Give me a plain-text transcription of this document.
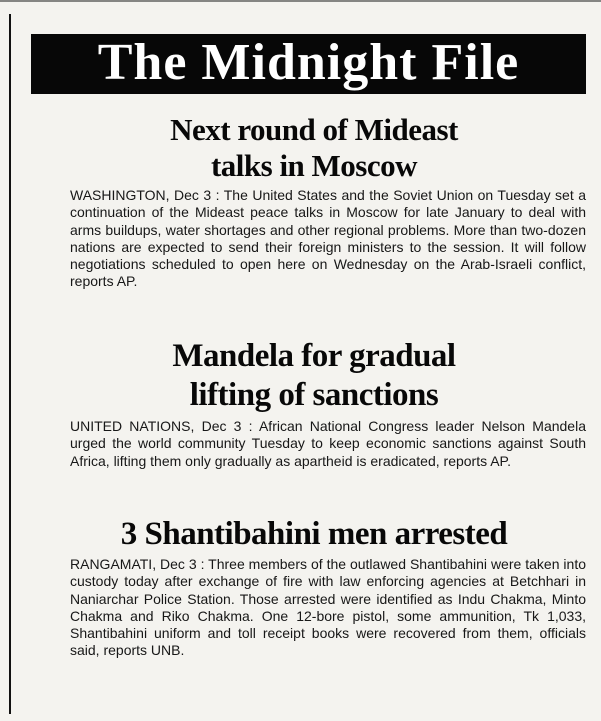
The Midnight File
Next round of Mideast
talks in Moscow

WASHINGTON, Dec 3 : The United States and the Soviet Union on Tuesday set a continuation of the Mideast peace talks in Moscow for late January to deal with arms buildups, water shortages and other regional problems. More than two-dozen nations are expected to send their foreign ministers to the session. It will follow negotiations scheduled to open here on Wednesday on the Arab-Israeli conflict, reports AP.

Mandela for gradual
lifting of sanctions

UNITED NATIONS, Dec 3 : African National Congress leader Nelson Mandela urged the world community Tuesday to keep economic sanctions against South Africa, lifting them only gradually as apartheid is eradicated, reports AP.

3 Shantibahini men arrested

RANGAMATI, Dec 3 : Three members of the outlawed Shantibahini were taken into custody today after exchange of fire with law enforcing agencies at Betchhari in Naniarchar Police Station. Those arrested were identified as Indu Chakma, Minto Chakma and Riko Chakma. One 12-bore pistol, some ammunition, Tk 1,033, Shantibahini uniform and toll receipt books were recovered from them, officials said, reports UNB.
